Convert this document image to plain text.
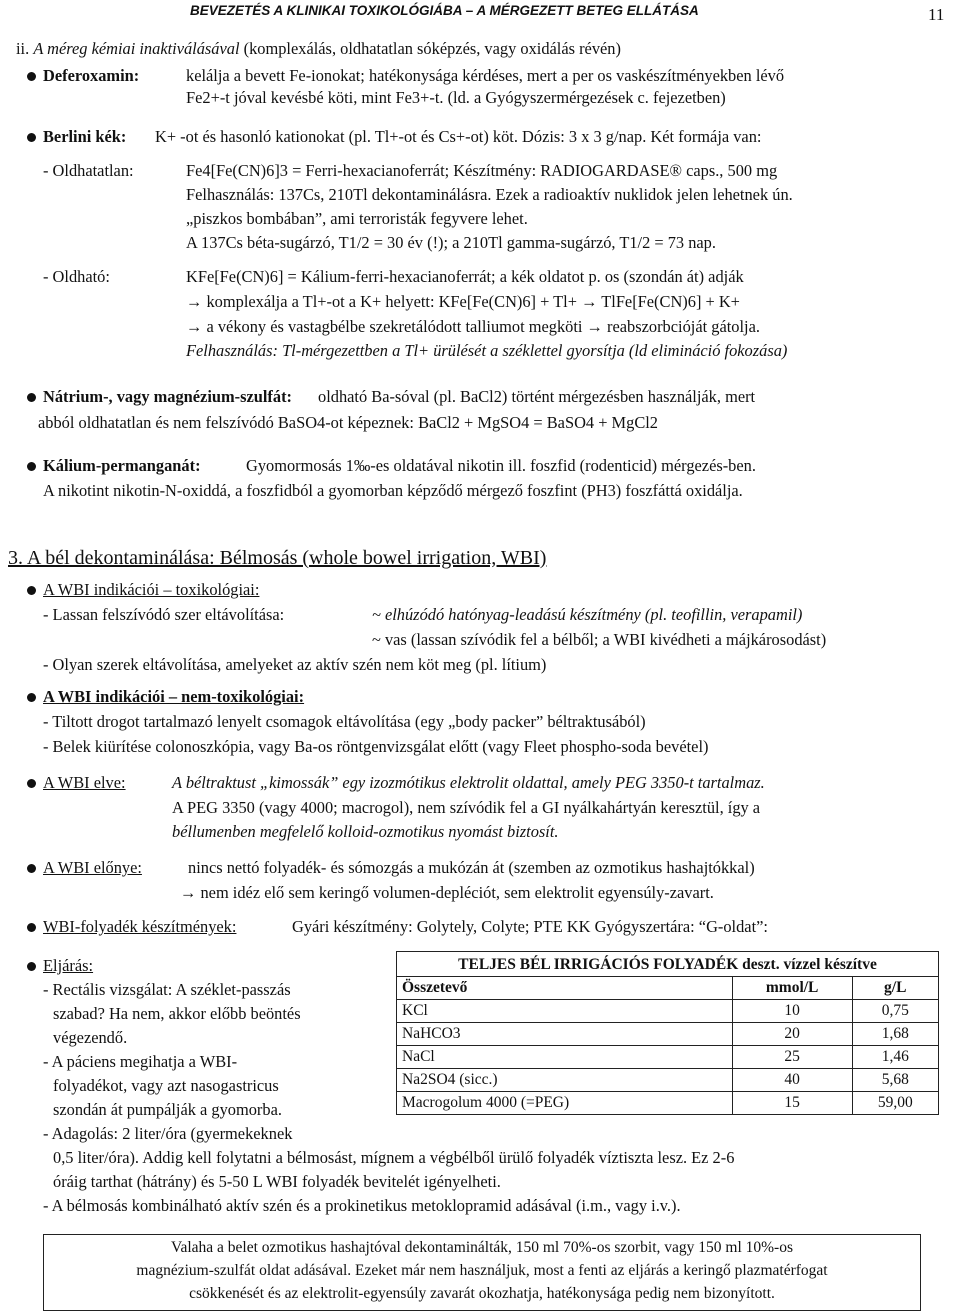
BEVEZETÉS A KLINIKAI TOXIKOLÓGIÁBA – A MÉRGEZETT BETEG ELLÁTÁSA	11
ii. A méreg kémiai inaktiválásával (komplexálás, oldhatatlan sóképzés, vagy oxidálás révén)
Deferoxamin:	kelálja a bevett Fe-ionokat; hatékonysága kérdéses, mert a per os vaskészítményekben lévő
Fe2+-t jóval kevésbé köti, mint Fe3+-t. (ld. a Gyógyszermérgezések c. fejezetben)
Berlini kék: K+ -ot és hasonló kationokat (pl. Tl+-ot és Cs+-ot) köt. Dózis: 3 x 3 g/nap. Két formája van:
- Oldhatatlan:	Fe4[Fe(CN)6]3 = Ferri-hexacianoferrát; Készítmény: RADIOGARDASE® caps., 500 mg
Felhasználás: 137Cs, 210Tl dekontaminálásra. Ezek a radioaktív nuklidok jelen lehetnek ún.
„piszkos bombában”, ami terroristák fegyvere lehet.
A 137Cs béta-sugárzó, T1/2 = 30 év (!); a 210Tl gamma-sugárzó, T1/2 = 73 nap.
- Oldható:	KFe[Fe(CN)6] = Kálium-ferri-hexacianoferrát; a kék oldatot p. os (szondán át) adják
→ komplexálja a Tl+-ot a K+ helyett: KFe[Fe(CN)6] + Tl+ → TlFe[Fe(CN)6] + K+
→ a vékony és vastagbélbe szekretálódott talliumot megköti → reabszorbcióját gátolja.
Felhasználás: Tl-mérgezettben a Tl+ ürülését a széklettel gyorsítja (ld elimináció fokozása)
Nátrium-, vagy magnézium-szulfát: oldható Ba-sóval (pl. BaCl2) történt mérgezésben használják, mert
abból oldhatatlan és nem felszívódó BaSO4-ot képeznek: BaCl2 + MgSO4 = BaSO4 + MgCl2
Kálium-permanganát:	Gyomormosás 1‰-es oldatával nikotin ill. foszfid (rodenticid) mérgezés-ben.
A nikotint nikotin-N-oxiddá, a foszfidból a gyomorban képződő mérgező foszfint (PH3) foszfáttá oxidálja.
3. A bél dekontaminálása: Bélmosás (whole bowel irrigation, WBI)
A WBI indikációi – toxikológiai:
- Lassan felszívódó szer eltávolítása:	~ elhúzódó hatónyag-leadású készítmény (pl. teofillin, verapamil)
~ vas (lassan szívódik fel a bélből; a WBI kivédheti a májkárosodást)
- Olyan szerek eltávolítása, amelyeket az aktív szén nem köt meg (pl. lítium)
A WBI indikációi – nem-toxikológiai:
- Tiltott drogot tartalmazó lenyelt csomagok eltávolítása (egy „body packer” béltraktusából)
- Belek kiürítése colonoszkópia, vagy Ba-os röntgenvizsgálat előtt (vagy Fleet phospho-soda bevétel)
A WBI elve:	A béltraktust „kimossák” egy izozmótikus elektrolit oldattal, amely PEG 3350-t tartalmaz.
A PEG 3350 (vagy 4000; macrogol), nem szívódik fel a GI nyálkahártyán keresztül, így a
béllumenben megfelelő kolloid-ozmotikus nyomást biztosít.
A WBI előnye:	nincs nettó folyadék- és sómozgás a mukózán át (szemben az ozmotikus hashajtókkal)
→ nem idéz elő sem keringő volumen-depléciót, sem elektrolit egyensúly-zavart.
WBI-folyadék készítmények:	Gyári készítmény: Golytely, Colyte; PTE KK Gyógyszertára: “G-oldat”:
Eljárás:
- Rectális vizsgálat: A széklet-passzás
szabad? Ha nem, akkor előbb beöntés
végezendő.
- A páciens megihatja a WBI-
folyadékot, vagy azt nasogastricus
szondán át pumpálják a gyomorba.
- Adagolás: 2 liter/óra (gyermekeknek
0,5 liter/óra). Addig kell folytatni a bélmosást, mígnem a végbélből ürülő folyadék víztiszta lesz. Ez 2-6
óráig tarthat (hátrány) és 5-50 L WBI folyadék bevitelét igényelheti.
- A bélmosás kombinálható aktív szén és a prokinetikus metoklopramid adásával (i.m., vagy i.v.).
TELJES BÉL IRRIGÁCIÓS FOLYADÉK deszt. vízzel készítve		

Összetevő	mmol/L	g/L
KCl	10	0,75
NaHCO3	20	1,68
NaCl	25	1,46
Na2SO4 (sicc.)	40	5,68
Macrogolum 4000 (=PEG)	15	59,00
Valaha a belet ozmotikus hashajtóval dekontaminálták, 150 ml 70%-os szorbit, vagy 150 ml 10%-os
magnézium-szulfát oldat adásával. Ezeket már nem használjuk, most a fenti az eljárás a keringő plazmatérfogat
csökkenését és az elektrolit-egyensúly zavarát okozhatja, hatékonysága pedig nem bizonyított.
